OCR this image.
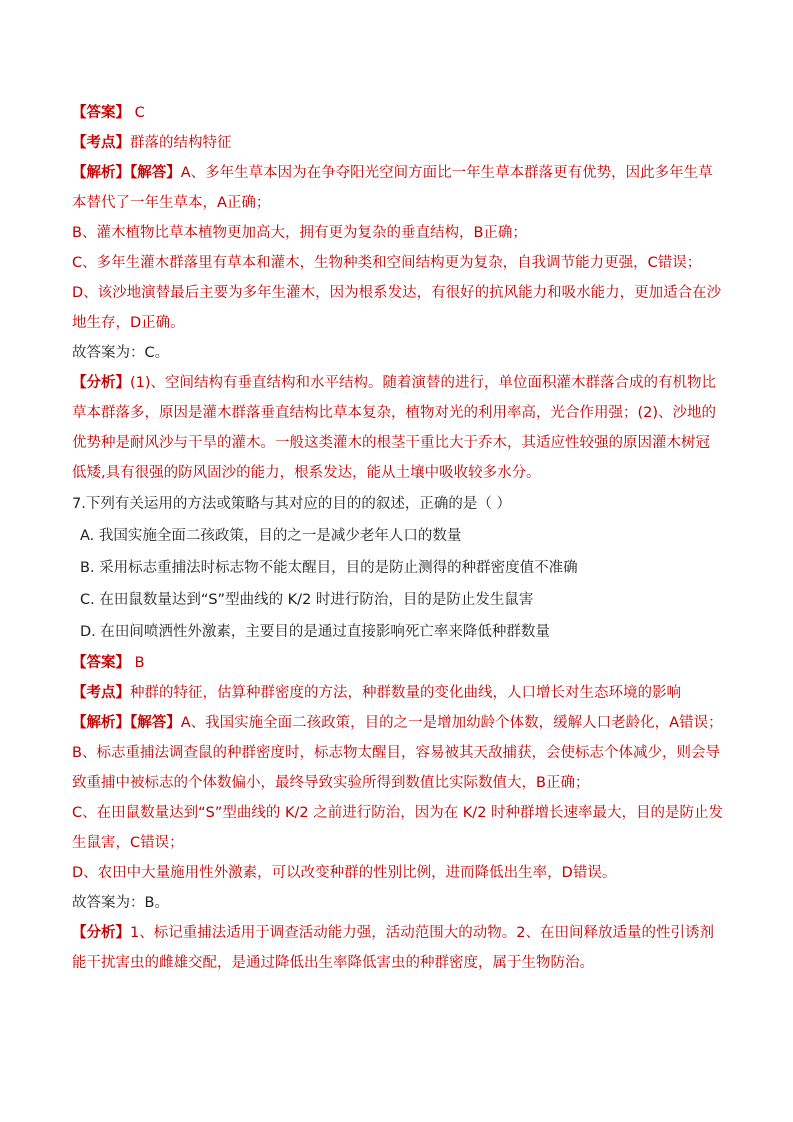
【答案】 C

【考点】群落的结构特征

【解析】【解答】A、多年生草本因为在争夺阳光空间方面比一年生草本群落更有优势，因此多年生草本替代了一年生草本，A正确；

B、灌木植物比草本植物更加高大，拥有更为复杂的垂直结构，B正确；

C、多年生灌木群落里有草本和灌木，生物种类和空间结构更为复杂，自我调节能力更强，C错误；

D、该沙地演替最后主要为多年生灌木，因为根系发达，有很好的抗风能力和吸水能力，更加适合在沙地生存，D正确。

故答案为：C。

【分析】(1)、空间结构有垂直结构和水平结构。随着演替的进行，单位面积灌木群落合成的有机物比草本群落多，原因是灌木群落垂直结构比草本复杂，植物对光的利用率高，光合作用强；(2)、沙地的优势种是耐风沙与干旱的灌木。一般这类灌木的根茎干重比大于乔木，其适应性较强的原因灌木树冠低矮,具有很强的防风固沙的能力，根系发达，能从土壤中吸收较多水分。

7.下列有关运用的方法或策略与其对应的目的的叙述，正确的是（ ）

A. 我国实施全面二孩政策，目的之一是减少老年人口的数量

B. 采用标志重捕法时标志物不能太醒目，目的是防止测得的种群密度值不准确

C. 在田鼠数量达到“S”型曲线的 K/2 时进行防治，目的是防止发生鼠害

D. 在田间喷洒性外激素，主要目的是通过直接影响死亡率来降低种群数量

【答案】 B

【考点】种群的特征，估算种群密度的方法，种群数量的变化曲线，人口增长对生态环境的影响

【解析】【解答】A、我国实施全面二孩政策，目的之一是增加幼龄个体数，缓解人口老龄化，A错误；

B、标志重捕法调查鼠的种群密度时，标志物太醒目，容易被其天敌捕获，会使标志个体减少，则会导致重捕中被标志的个体数偏小，最终导致实验所得到数值比实际数值大，B正确；

C、在田鼠数量达到“S”型曲线的 K/2 之前进行防治，因为在 K/2 时种群增长速率最大，目的是防止发生鼠害，C错误；

D、农田中大量施用性外激素，可以改变种群的性别比例，进而降低出生率，D错误。

故答案为：B。

【分析】1、标记重捕法适用于调查活动能力强，活动范围大的动物。2、在田间释放适量的性引诱剂能干扰害虫的雌雄交配，是通过降低出生率降低害虫的种群密度，属于生物防治。
